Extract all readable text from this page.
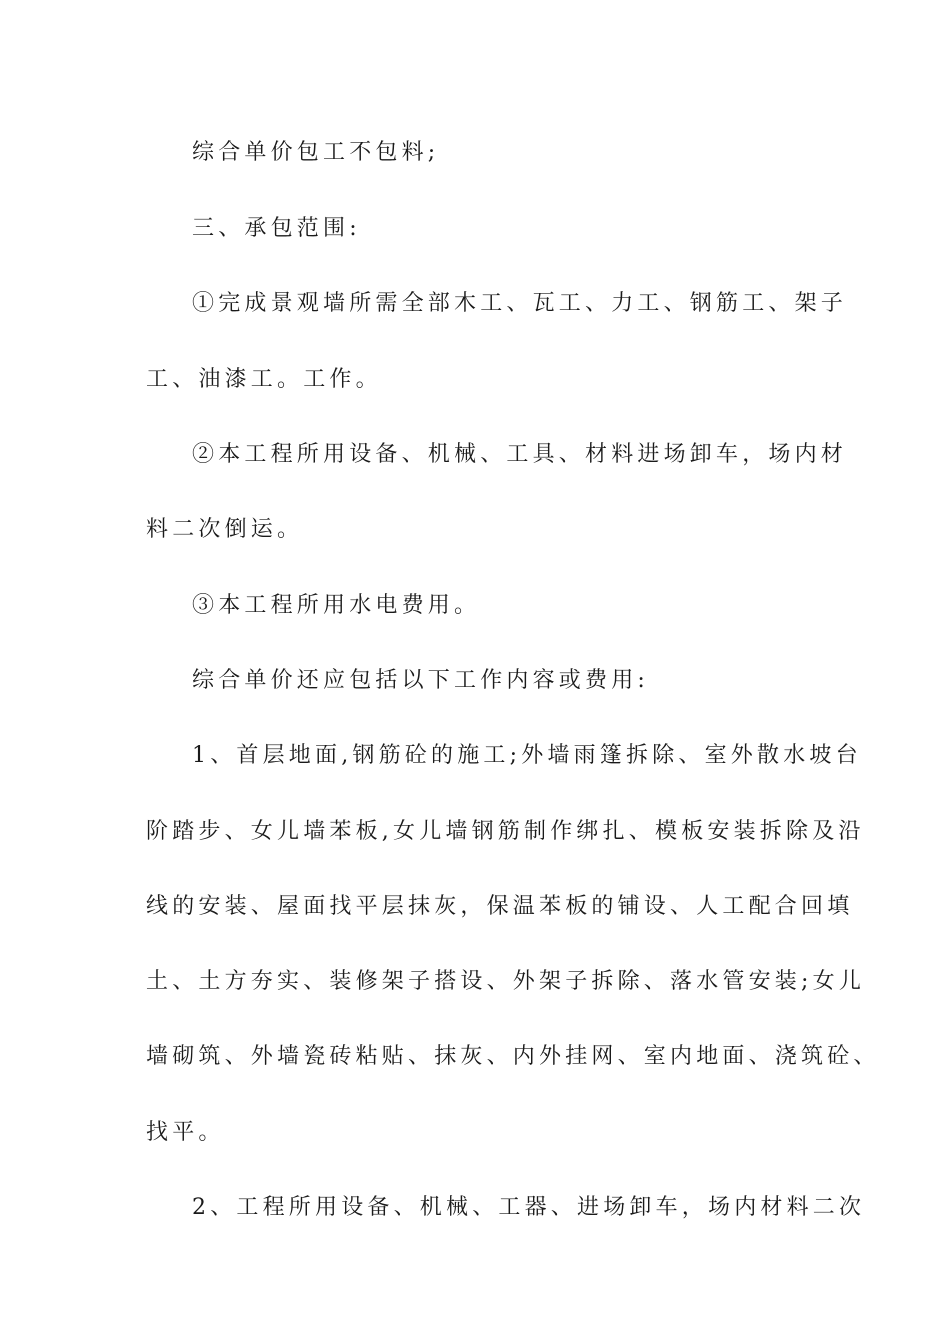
综合单价包工不包料;
三、承包范围:
①完成景观墙所需全部木工、瓦工、力工、钢筋工、架子
工、油漆工。工作。
②本工程所用设备、机械、工具、材料进场卸车，场内材
料二次倒运。
③本工程所用水电费用。
综合单价还应包括以下工作内容或费用:
1、首层地面,钢筋砼的施工;外墙雨篷拆除、室外散水坡台
阶踏步、女儿墙苯板,女儿墙钢筋制作绑扎、模板安装拆除及沿
线的安装、屋面找平层抹灰，保温苯板的铺设、人工配合回填
土、土方夯实、装修架子搭设、外架子拆除、落水管安装;女儿
墙砌筑、外墙瓷砖粘贴、抹灰、内外挂网、室内地面、浇筑砼、
找平。
2、工程所用设备、机械、工器、进场卸车，场内材料二次
